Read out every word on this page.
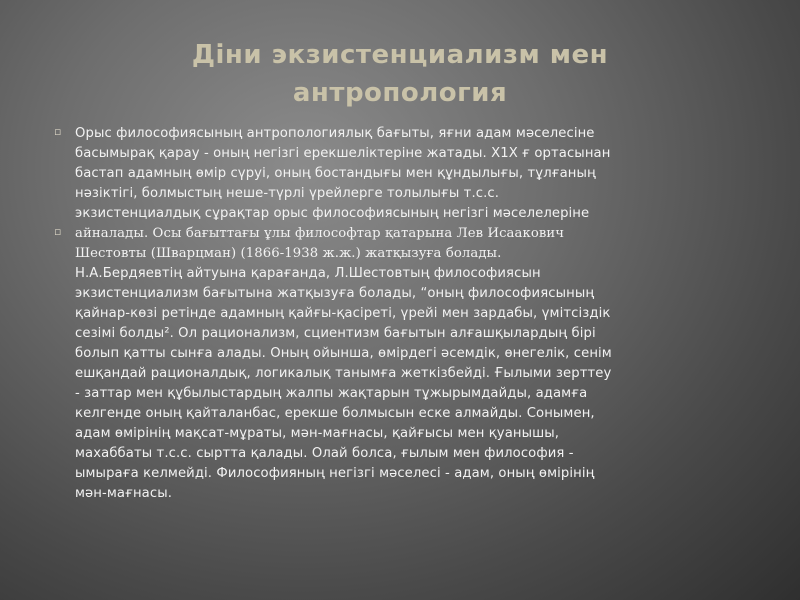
Діни экзистенциализм мен
антропология
▫ Орыс философиясының антропологиялық бағыты, яғни адам мәселесіне
басымырақ қарау - оның негізгі ерекшеліктеріне жатады. Х1Х ғ ортасынан
бастап адамның өмір сүруі, оның бостандығы мен құндылығы, тұлғаның
нәзіктігі, болмыстың неше-түрлі үрейлерге толылығы т.с.с.
экзистенциалдық сұрақтар орыс философиясының негізгі мәселелеріне
▫ айналады. Осы бағыттағы ұлы философтар қатарына Лев Исаакович
Шестовты (Шварцман) (1866-1938 ж.ж.) жатқызуға болады.
Н.А.Бердяевтің айтуына қарағанда, Л.Шестовтың философиясын
экзистенциализм бағытына жатқызуға болады, “оның философиясының
қайнар-көзі ретінде адамның қайғы-қасіреті, үрейі мен зардабы, үмітсіздік
сезімі болды². Ол рационализм, сциентизм бағытын алғашқылардың бірі
болып қатты сынға алады. Оның ойынша, өмірдегі әсемдік, өнегелік, сенім
ешқандай рационалдық, логикалық танымға жеткізбейді. Ғылыми зерттеу
- заттар мен құбылыстардың жалпы жақтарын тұжырымдайды, адамға
келгенде оның қайталанбас, ерекше болмысын еске алмайды. Сонымен,
адам өмірінің мақсат-мұраты, мән-мағнасы, қайғысы мен қуанышы,
махаббаты т.с.с. сыртта қалады. Олай болса, ғылым мен философия -
ымыраға келмейді. Философияның негізгі мәселесі - адам, оның өмірінің
мән-мағнасы.
